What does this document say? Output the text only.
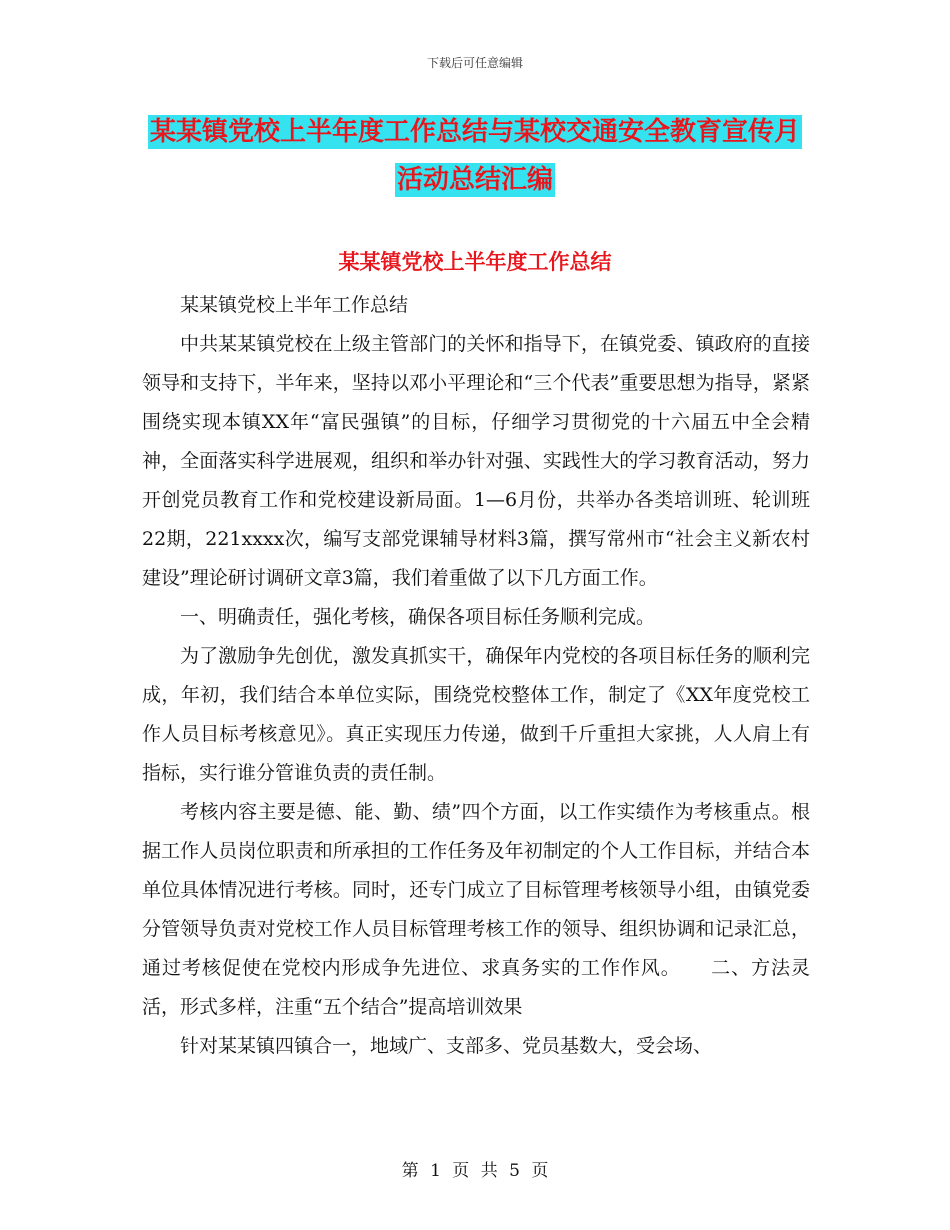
下载后可任意编辑
某某镇党校上半年度工作总结与某校交通安全教育宣传月活动总结汇编
某某镇党校上半年度工作总结

某某镇党校上半年工作总结

中共某某镇党校在上级主管部门的关怀和指导下，在镇党委、镇政府的直接领导和支持下，半年来，坚持以邓小平理论和“三个代表”重要思想为指导，紧紧围绕实现本镇XX年“富民强镇”的目标，仔细学习贯彻党的十六届五中全会精神，全面落实科学进展观，组织和举办针对强、实践性大的学习教育活动，努力开创党员教育工作和党校建设新局面。1—6月份，共举办各类培训班、轮训班22期，221xxxx次，编写支部党课辅导材料3篇，撰写常州市“社会主义新农村建设”理论研讨调研文章3篇，我们着重做了以下几方面工作。

一、明确责任，强化考核，确保各项目标任务顺利完成。

为了激励争先创优，激发真抓实干，确保年内党校的各项目标任务的顺利完成，年初，我们结合本单位实际，围绕党校整体工作，制定了《XX年度党校工作人员目标考核意见》。真正实现压力传递，做到千斤重担大家挑，人人肩上有指标，实行谁分管谁负责的责任制。

考核内容主要是德、能、勤、绩”四个方面，以工作实绩作为考核重点。根据工作人员岗位职责和所承担的工作任务及年初制定的个人工作目标，并结合本单位具体情况进行考核。同时，还专门成立了目标管理考核领导小组，由镇党委分管领导负责对党校工作人员目标管理考核工作的领导、组织协调和记录汇总，通过考核促使在党校内形成争先进位、求真务实的工作作风。　　二、方法灵活，形式多样，注重“五个结合”提高培训效果

针对某某镇四镇合一，地域广、支部多、党员基数大，受会场、

第 1 页 共 5 页
